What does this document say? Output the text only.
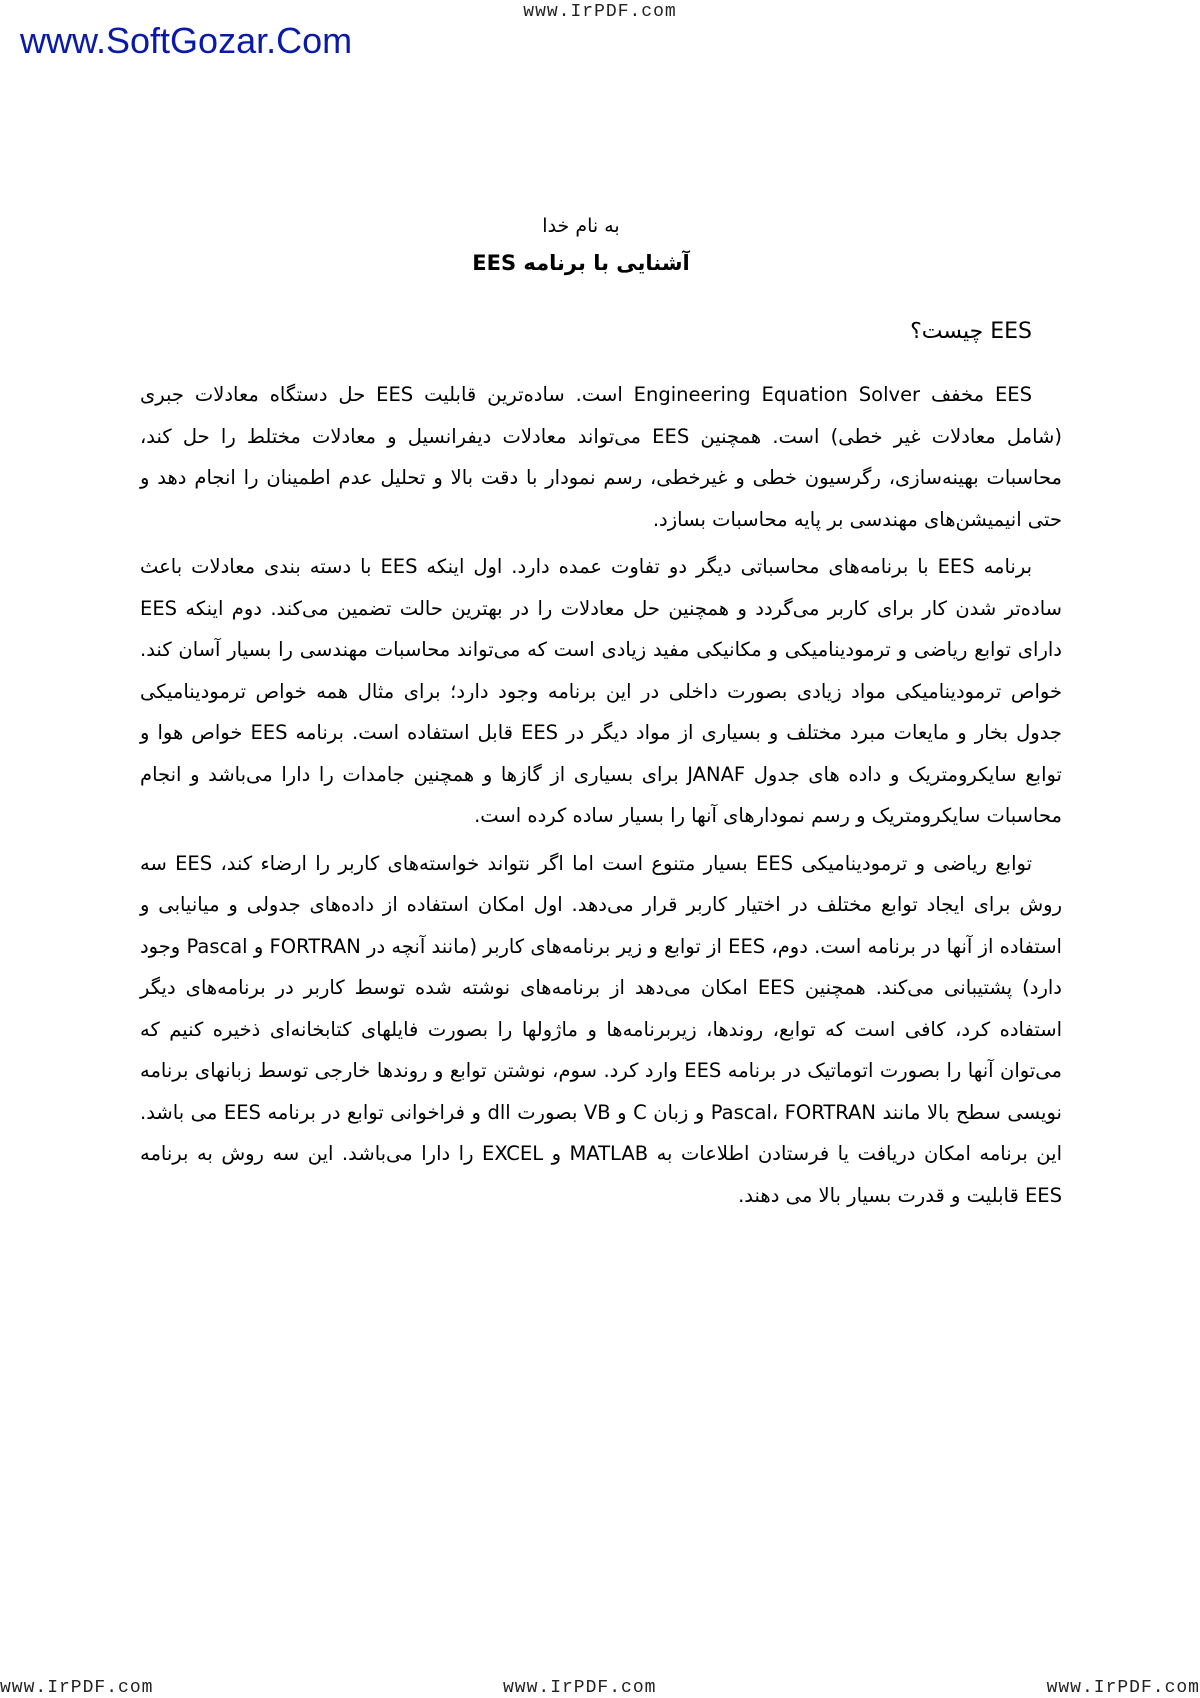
www.IrPDF.com

www.SoftGozar.Com

به نام خدا

آشنایی با برنامه EES
EES چیست؟

EES مخفف Engineering Equation Solver است. ساده‌ترین قابلیت EES حل دستگاه معادلات جبری (شامل معادلات غیر خطی) است. همچنین EES می‌تواند معادلات دیفرانسیل و معادلات مختلط را حل کند، محاسبات بهینه‌سازی، رگرسیون خطی و غیرخطی، رسم نمودار با دقت بالا و تحلیل عدم اطمینان را انجام دهد و حتی انیمیشن‌های مهندسی بر پایه محاسبات بسازد.

برنامه EES با برنامه‌های محاسباتی دیگر دو تفاوت عمده دارد. اول اینکه EES با دسته بندی معادلات باعث ساده‌تر شدن کار برای کاربر می‌گردد و همچنین حل معادلات را در بهترین حالت تضمین می‌کند. دوم اینکه EES دارای توابع ریاضی و ترمودینامیکی و مکانیکی مفید زیادی است که می‌تواند محاسبات مهندسی را بسیار آسان کند. خواص ترمودینامیکی مواد زیادی بصورت داخلی در این برنامه وجود دارد؛ برای مثال همه خواص ترمودینامیکی جدول بخار و مایعات مبرد مختلف و بسیاری از مواد دیگر در EES قابل استفاده است. برنامه EES خواص هوا و توابع سایکرومتریک و داده های جدول JANAF برای بسیاری از گازها و همچنین جامدات را دارا می‌باشد و انجام محاسبات سایکرومتریک و رسم نمودارهای آنها را بسیار ساده کرده است.

توابع ریاضی و ترمودینامیکی EES بسیار متنوع است اما اگر نتواند خواسته‌های کاربر را ارضاء کند، EES سه روش برای ایجاد توابع مختلف در اختیار کاربر قرار می‌دهد. اول امکان استفاده از داده‌های جدولی و میانیابی و استفاده از آنها در برنامه است. دوم، EES از توابع و زیر برنامه‌های کاربر (مانند آنچه در FORTRAN و Pascal وجود دارد) پشتیبانی می‌کند. همچنین EES امکان می‌دهد از برنامه‌های نوشته شده توسط کاربر در برنامه‌های دیگر استفاده کرد، کافی است که توابع، روندها، زیربرنامه‌ها و ماژولها را بصورت فایلهای کتابخانه‌ای ذخیره کنیم که می‌توان آنها را بصورت اتوماتیک در برنامه EES وارد کرد. سوم، نوشتن توابع و روندها خارجی توسط زبانهای برنامه نویسی سطح بالا مانند Pascal، FORTRAN و زبان C و VB بصورت dll و فراخوانی توابع در برنامه EES می باشد. این برنامه امکان دریافت یا فرستادن اطلاعات به MATLAB و EXCEL را دارا می‌باشد. این سه روش به برنامه EES قابلیت و قدرت بسیار بالا می دهند.

www.IrPDF.com	www.IrPDF.com	www.IrPDF.com
